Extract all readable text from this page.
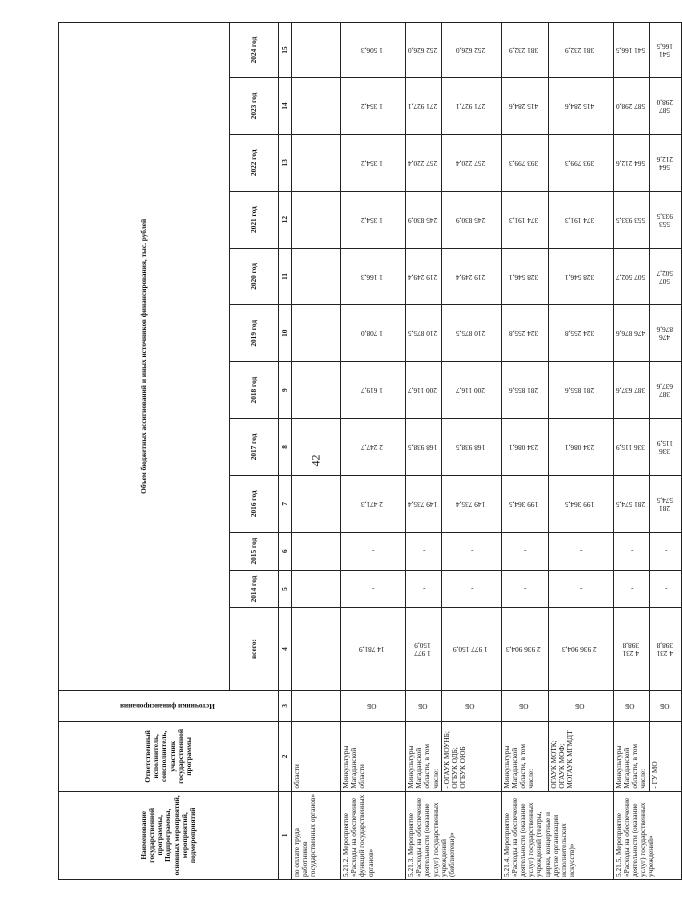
42
Наименование государственной программы, Подпрограммы, основных мероприятий, мероприятий, подмероприятий	Ответственный исполнитель, соисполнитель, участник государственной программы	Источники финансирования	Объем бюджетных ассигнований и иных источников финансирования, тыс. рублей											
			всего:	2014 год	2015 год	2016 год	2017 год	2018 год	2019 год	2020 год	2021 год	2022 год	2023 год	2024 год
1	2	3	4	5	6	7	8	9	10	11	12	13	14	15
по оплате труда работников государственных органов»	области													
5.21.2. Мероприятие «Расходы на обеспечение функций государственных органов»	Минкультуры Магаданской области	ОБ	14 781,9	-	-	2 471,3	2 247,7	1 619,7	1 708,0	1 166,3	1 354,2	1 354,2	1 354,2	1 506,3
5.21.3. Мероприятие «Расходы на обеспечение деятельности (оказание услуг) государственных учреждений (библиотеки)»	Минкультуры Магаданской области, в том числе:	ОБ	1 977 150,9	-	-	149 735,4	168 938,5	200 116,7	210 875,5	219 249,4	245 830,9	257 220,4	271 927,1	252 626,0
	- ОГАУК МОУНБ; ОГБУК ОДБ; ОГБУК ОЮБ	ОБ	1 977 150,9	-	-	149 735,4	168 938,5	200 116,7	210 875,5	219 249,4	245 830,9	257 220,4	271 927,1	252 626,0
5.21.4. Мероприятие «Расходы на обеспечение деятельности (оказание услуг) государственных учреждений (театры, цирки, концертные и другие организации исполнительских искусств)»	Минкультуры Магаданской области, в том числе:	ОБ	2 936 904,3	-	-	199 364,5	234 086,1	281 855,6	324 255,8	328 546,1	374 191,3	393 799,3	415 284,6	381 232,9
	ОГАУК МОТК; ОГАУК МОФ; МОГАУК МГМДТ	ОБ	2 936 904,3	-	-	199 364,5	234 086,1	281 855,6	324 255,8	328 546,1	374 191,3	393 799,3	415 284,6	381 232,9
5.21.5. Мероприятие «Расходы на обеспечение деятельности (оказание услуг) государственных учреждений»	Минкультуры Магаданской области, в том числе:	ОБ	4 231 398,8	-	-	281 574,5	336 115,9	387 637,6	476 876,6	507 502,7	553 933,5	564 212,6	587 298,0	541 166,5
	- ГУ МО	ОБ	4 231 398,8	-	-	281 574,5	336 115,9	387 637,6	476 876,6	507 502,7	553 933,5	564 212,6	587 298,0	541 166,5
